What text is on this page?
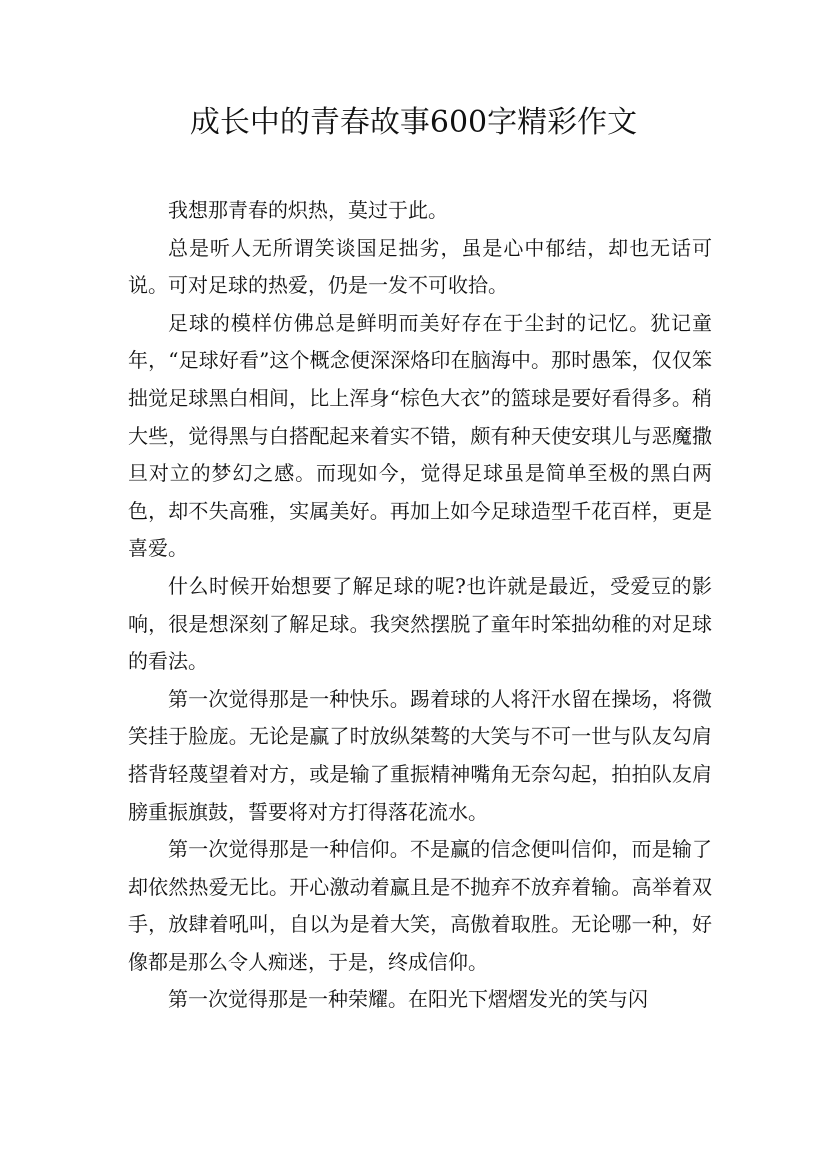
成长中的青春故事600字精彩作文

我想那青春的炽热，莫过于此。

总是听人无所谓笑谈国足拙劣，虽是心中郁结，却也无话可说。可对足球的热爱，仍是一发不可收拾。

足球的模样仿佛总是鲜明而美好存在于尘封的记忆。犹记童年，“足球好看”这个概念便深深烙印在脑海中。那时愚笨，仅仅笨拙觉足球黑白相间，比上浑身“棕色大衣”的篮球是要好看得多。稍大些，觉得黑与白搭配起来着实不错，颇有种天使安琪儿与恶魔撒旦对立的梦幻之感。而现如今，觉得足球虽是简单至极的黑白两色，却不失高雅，实属美好。再加上如今足球造型千花百样，更是喜爱。

什么时候开始想要了解足球的呢?也许就是最近，受爱豆的影响，很是想深刻了解足球。我突然摆脱了童年时笨拙幼稚的对足球的看法。

第一次觉得那是一种快乐。踢着球的人将汗水留在操场，将微笑挂于脸庞。无论是赢了时放纵桀骜的大笑与不可一世与队友勾肩搭背轻蔑望着对方，或是输了重振精神嘴角无奈勾起，拍拍队友肩膀重振旗鼓，誓要将对方打得落花流水。

第一次觉得那是一种信仰。不是赢的信念便叫信仰，而是输了却依然热爱无比。开心激动着赢且是不抛弃不放弃着输。高举着双手，放肆着吼叫，自以为是着大笑，高傲着取胜。无论哪一种，好像都是那么令人痴迷，于是，终成信仰。

第一次觉得那是一种荣耀。在阳光下熠熠发光的笑与闪
